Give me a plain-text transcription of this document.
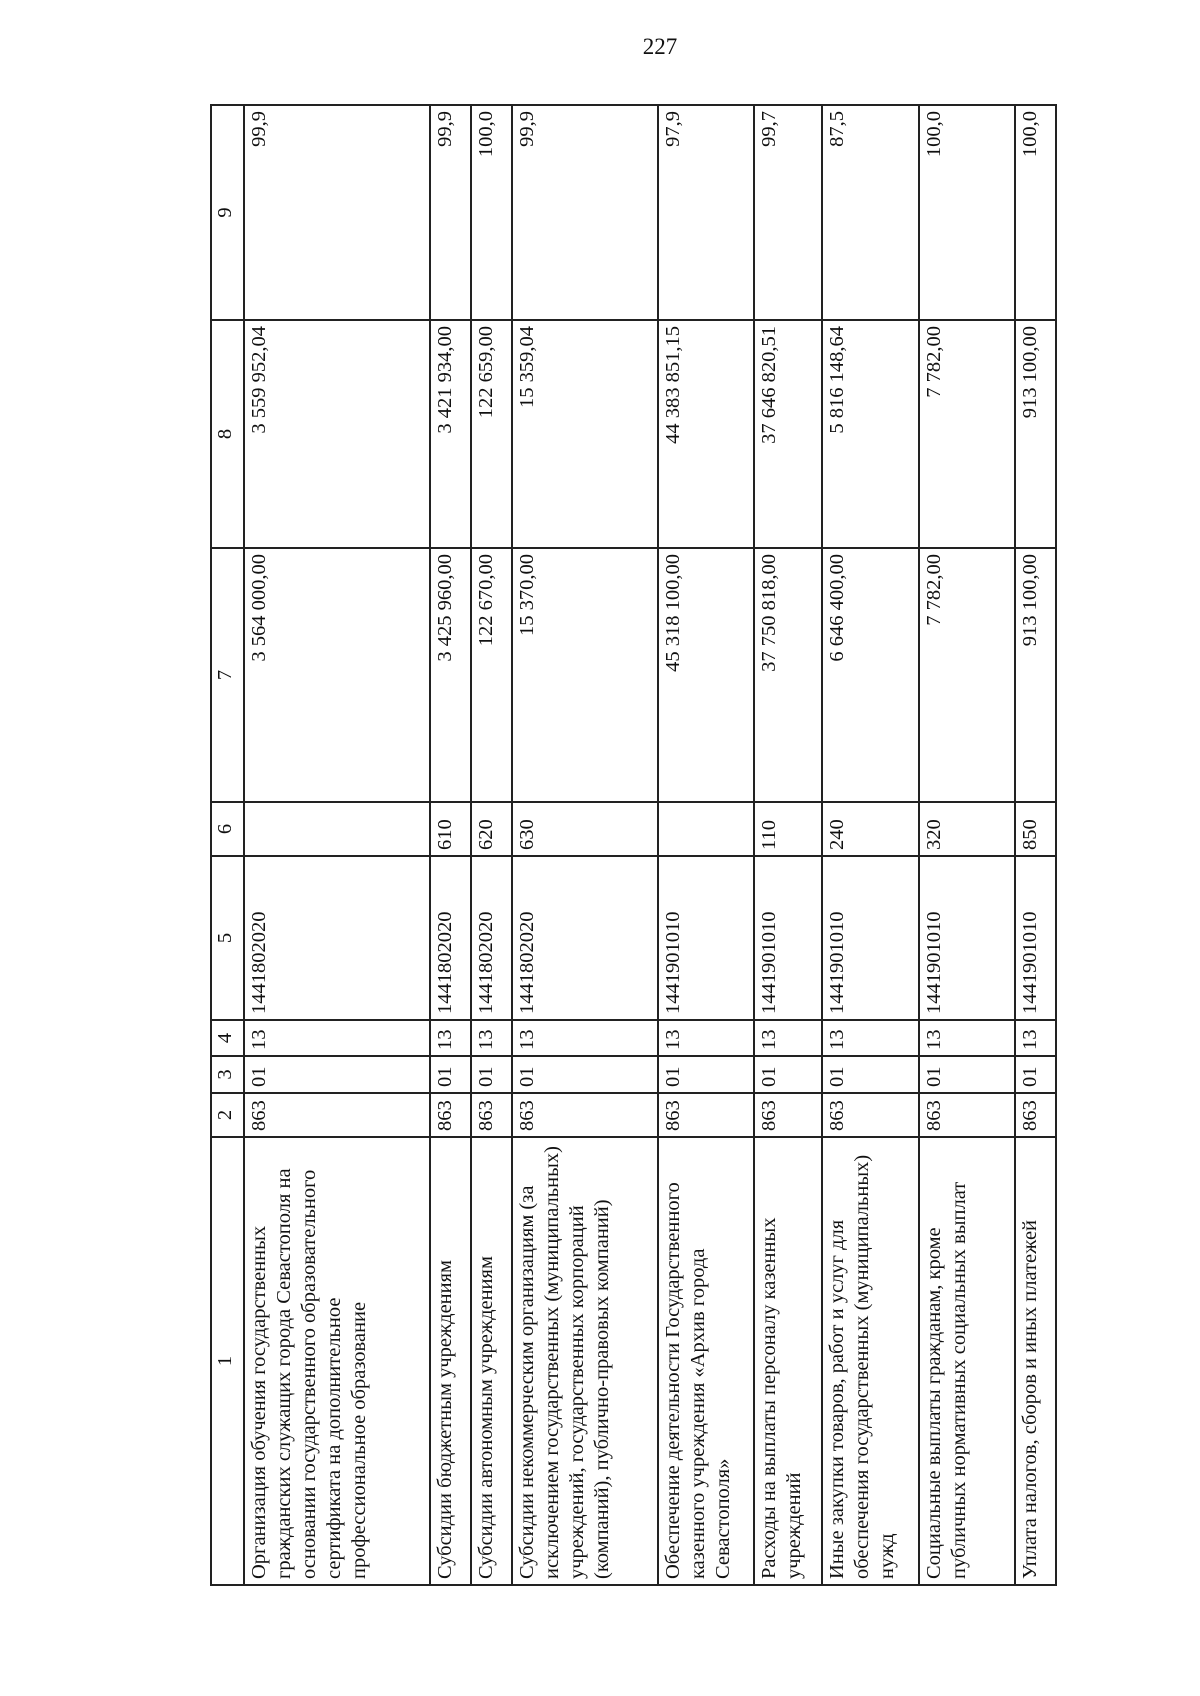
227
1	2	3	4	5	6	7	8	9
Организация обучения государственных гражданских служащих города Севастополя на основании государственного образовательного сертификата на дополнительное профессиональное образование	863	01	13	1441802020		3 564 000,00	3 559 952,04	99,9
Субсидии бюджетным учреждениям	863	01	13	1441802020	610	3 425 960,00	3 421 934,00	99,9
Субсидии автономным учреждениям	863	01	13	1441802020	620	122 670,00	122 659,00	100,0
Субсидии некоммерческим организациям (за исключением государственных (муниципальных) учреждений, государственных корпораций (компаний), публично-правовых компаний)	863	01	13	1441802020	630	15 370,00	15 359,04	99,9
Обеспечение деятельности Государственного казенного учреждения «Архив города Севастополя»	863	01	13	1441901010		45 318 100,00	44 383 851,15	97,9
Расходы на выплаты персоналу казенных учреждений	863	01	13	1441901010	110	37 750 818,00	37 646 820,51	99,7
Иные закупки товаров, работ и услуг для обеспечения государственных (муниципальных) нужд	863	01	13	1441901010	240	6 646 400,00	5 816 148,64	87,5
Социальные выплаты гражданам, кроме публичных нормативных социальных выплат	863	01	13	1441901010	320	7 782,00	7 782,00	100,0
Уплата налогов, сборов и иных платежей	863	01	13	1441901010	850	913 100,00	913 100,00	100,0
